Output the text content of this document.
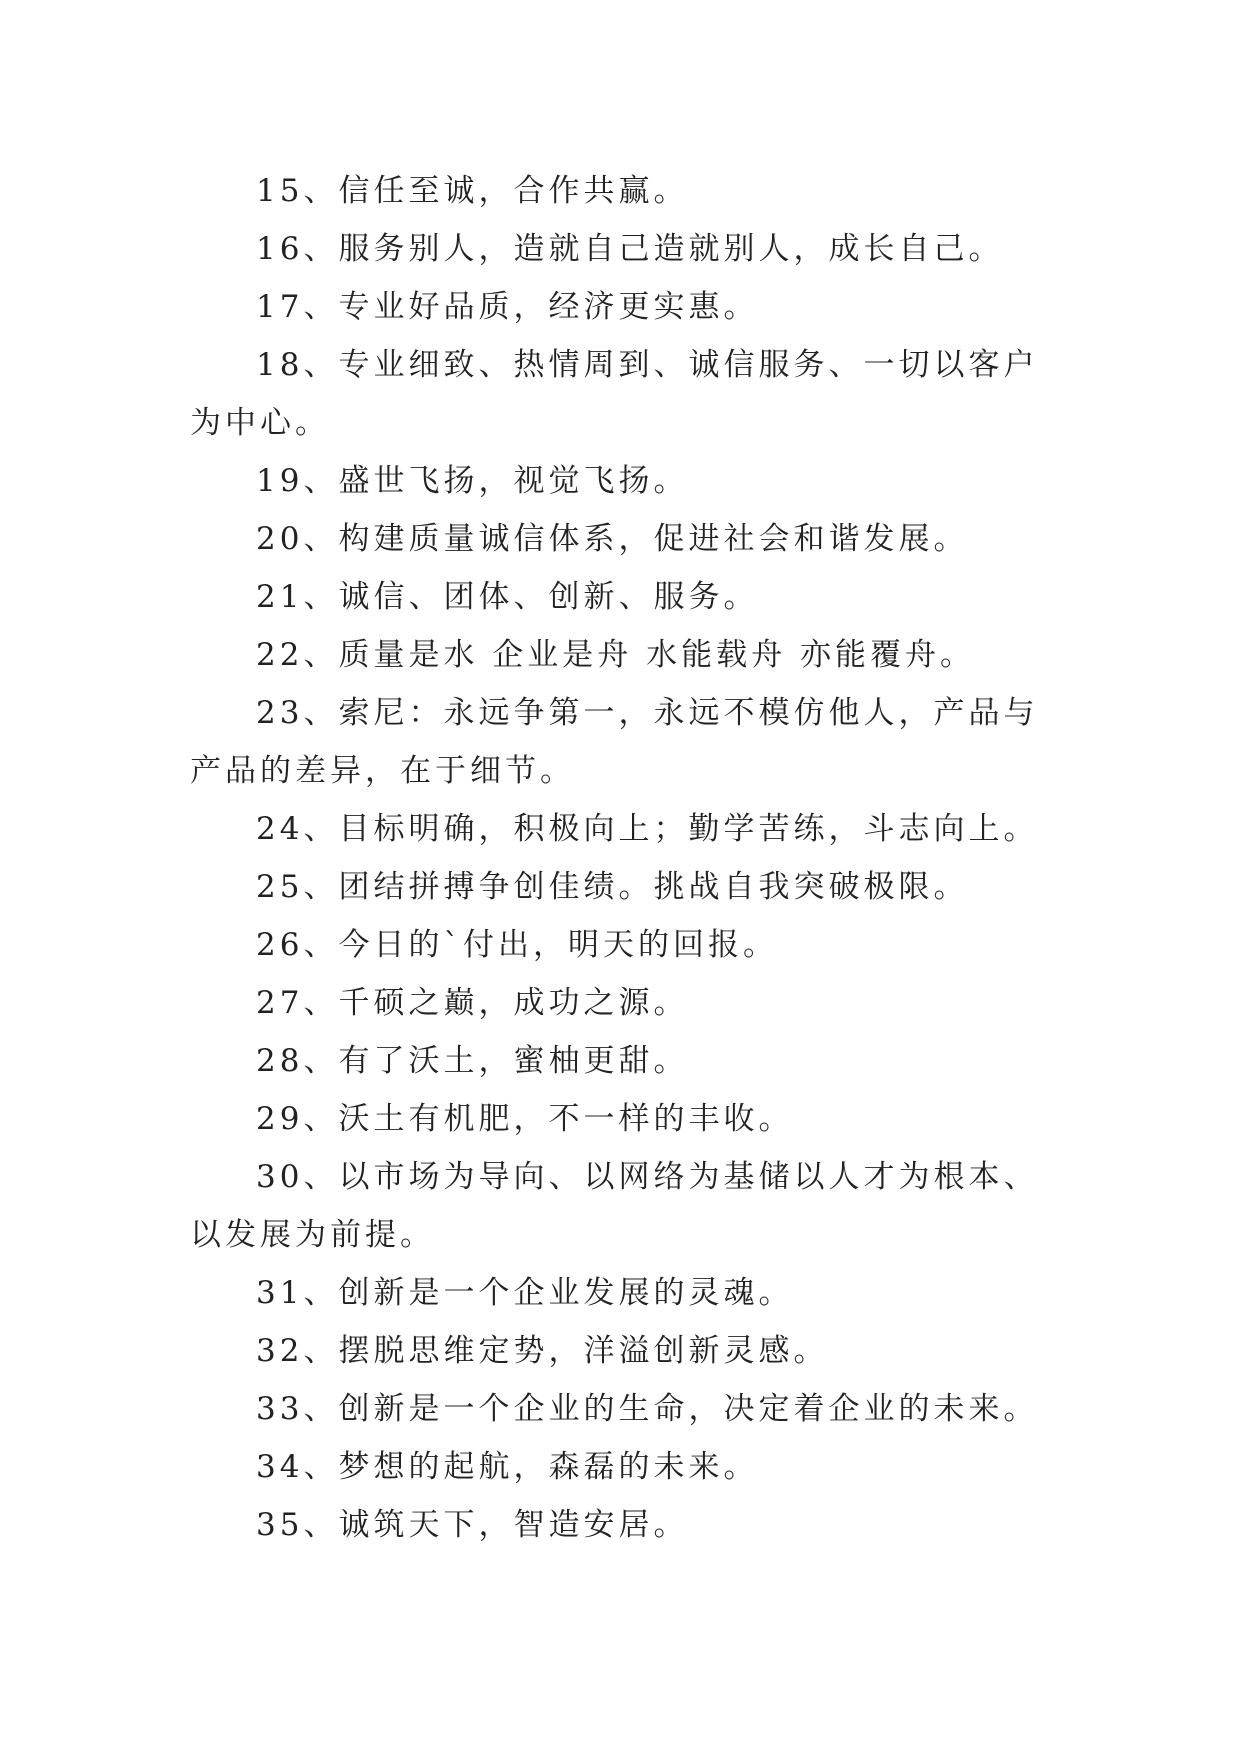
15、信任至诚，合作共赢。

16、服务别人，造就自己造就别人，成长自己。

17、专业好品质，经济更实惠。

18、专业细致、热情周到、诚信服务、一切以客户为中心。

19、盛世飞扬，视觉飞扬。

20、构建质量诚信体系，促进社会和谐发展。

21、诚信、团体、创新、服务。

22、质量是水 企业是舟 水能载舟 亦能覆舟。

23、索尼：永远争第一，永远不模仿他人，产品与产品的差异，在于细节。

24、目标明确，积极向上；勤学苦练，斗志向上。

25、团结拼搏争创佳绩。挑战自我突破极限。

26、今日的`付出，明天的回报。

27、千硕之巅，成功之源。

28、有了沃土，蜜柚更甜。

29、沃土有机肥，不一样的丰收。

30、以市场为导向、以网络为基储以人才为根本、以发展为前提。

31、创新是一个企业发展的灵魂。

32、摆脱思维定势，洋溢创新灵感。

33、创新是一个企业的生命，决定着企业的未来。

34、梦想的起航，森磊的未来。

35、诚筑天下，智造安居。
